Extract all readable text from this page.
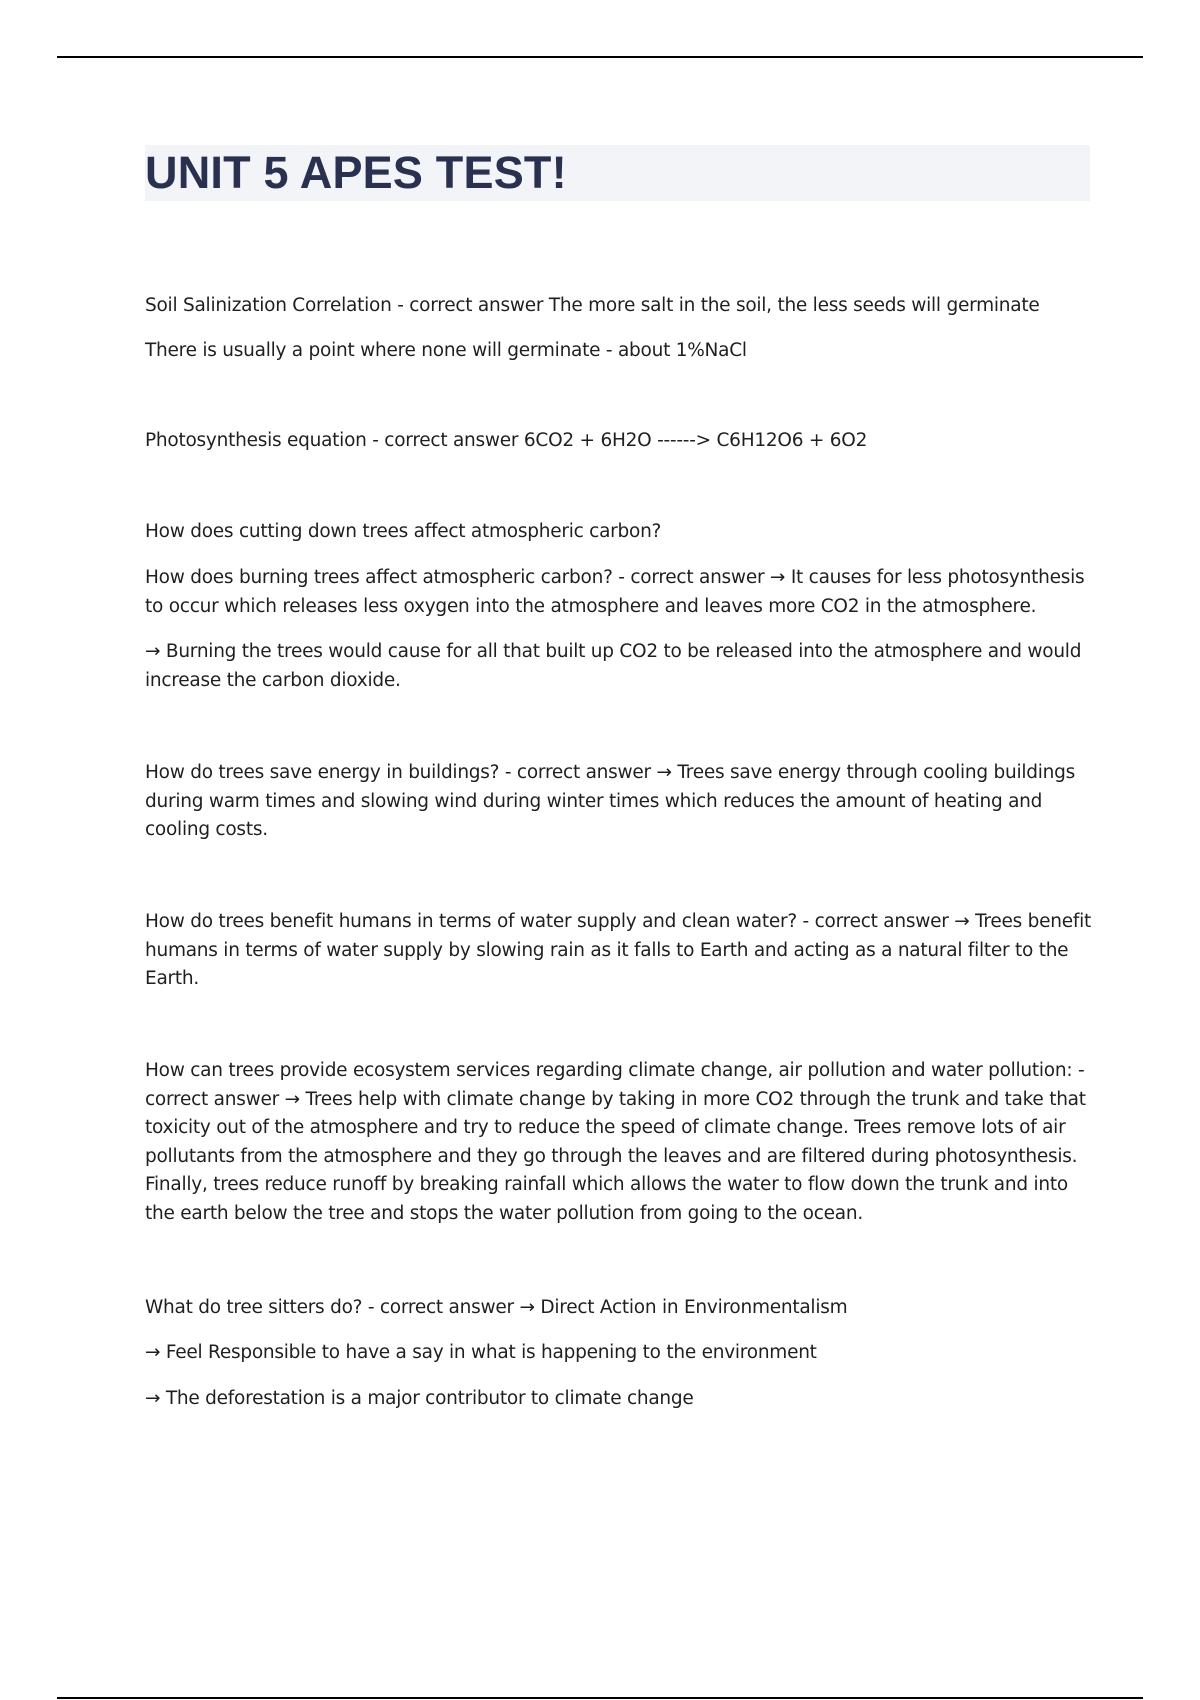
UNIT 5 APES TEST!

Soil Salinization Correlation - correct answer The more salt in the soil, the less seeds will germinate

There is usually a point where none will germinate - about 1%NaCl

Photosynthesis equation - correct answer 6CO2 + 6H2O ------> C6H12O6 + 6O2

How does cutting down trees affect atmospheric carbon?

How does burning trees affect atmospheric carbon? - correct answer → It causes for less photosynthesis to occur which releases less oxygen into the atmosphere and leaves more CO2 in the atmosphere.

→ Burning the trees would cause for all that built up CO2 to be released into the atmosphere and would increase the carbon dioxide.

How do trees save energy in buildings? - correct answer → Trees save energy through cooling buildings during warm times and slowing wind during winter times which reduces the amount of heating and cooling costs.

How do trees benefit humans in terms of water supply and clean water? - correct answer → Trees benefit humans in terms of water supply by slowing rain as it falls to Earth and acting as a natural filter to the Earth.

How can trees provide ecosystem services regarding climate change, air pollution and water pollution: - correct answer → Trees help with climate change by taking in more CO2 through the trunk and take that toxicity out of the atmosphere and try to reduce the speed of climate change. Trees remove lots of air pollutants from the atmosphere and they go through the leaves and are filtered during photosynthesis. Finally, trees reduce runoff by breaking rainfall which allows the water to flow down the trunk and into the earth below the tree and stops the water pollution from going to the ocean.

What do tree sitters do? - correct answer → Direct Action in Environmentalism

→ Feel Responsible to have a say in what is happening to the environment

→ The deforestation is a major contributor to climate change
